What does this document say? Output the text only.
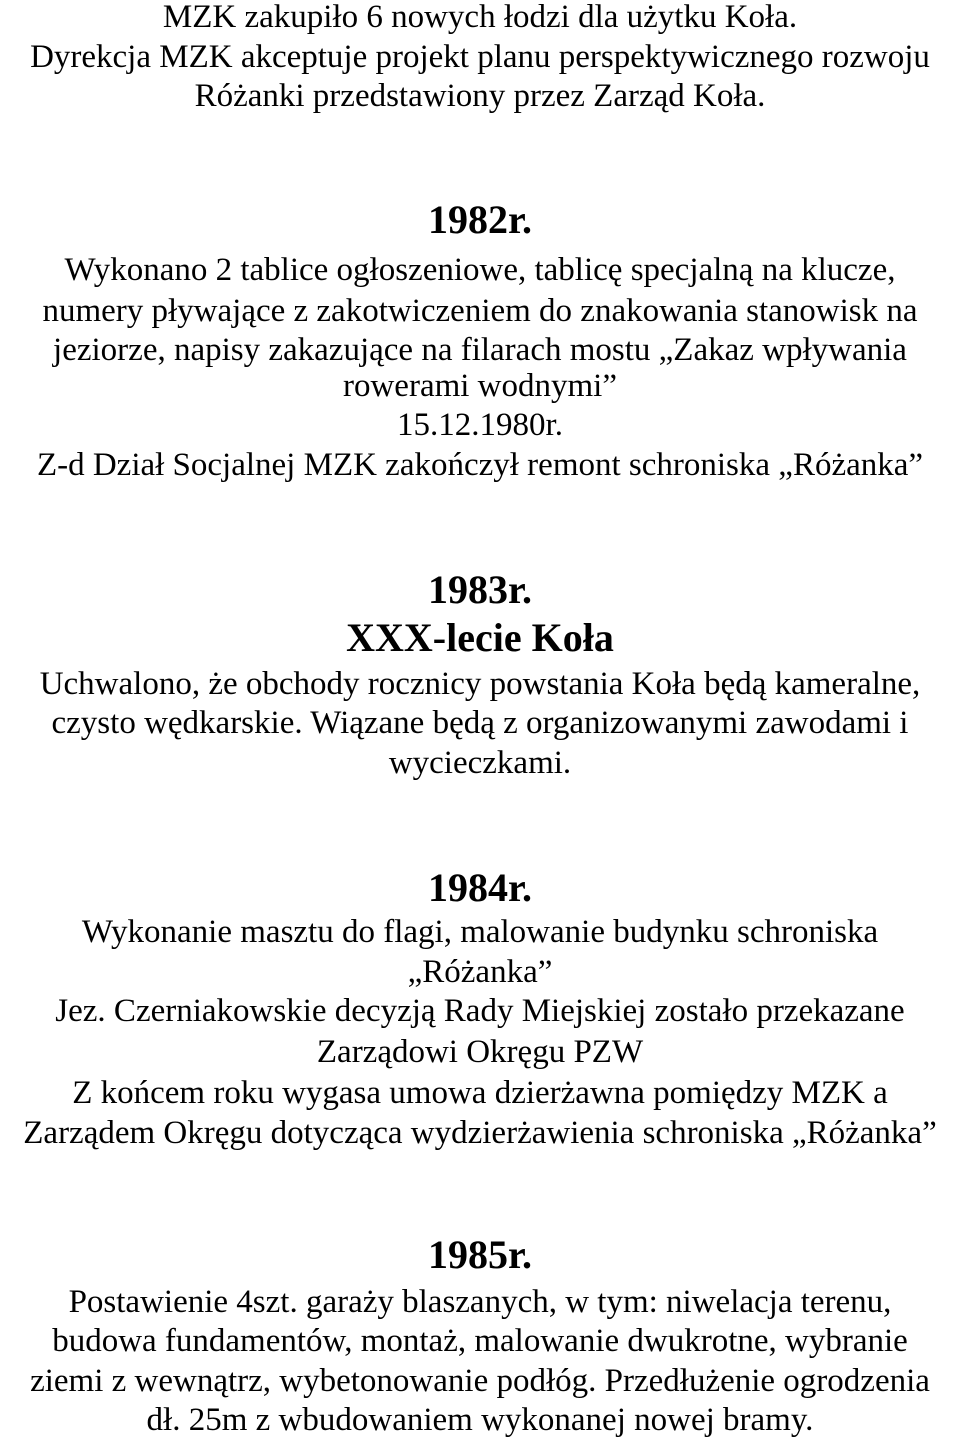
MZK zakupiło 6 nowych łodzi dla użytku Koła.
Dyrekcja MZK akceptuje projekt planu perspektywicznego rozwoju
Różanki przedstawiony przez Zarząd Koła.
1982r.
Wykonano 2 tablice ogłoszeniowe, tablicę specjalną na klucze,
numery pływające z zakotwiczeniem do znakowania stanowisk na
jeziorze, napisy zakazujące na filarach mostu „Zakaz wpływania
rowerami wodnymi”
15.12.1980r.
Z-d Dział Socjalnej MZK zakończył remont schroniska „Różanka”
1983r.
XXX-lecie Koła
Uchwalono, że obchody rocznicy powstania Koła będą kameralne,
czysto wędkarskie. Wiązane będą z organizowanymi zawodami i
wycieczkami.
1984r.
Wykonanie masztu do flagi, malowanie budynku schroniska
„Różanka”
Jez. Czerniakowskie decyzją Rady Miejskiej zostało przekazane
Zarządowi Okręgu PZW
Z końcem roku wygasa umowa dzierżawna pomiędzy MZK a
Zarządem Okręgu dotycząca wydzierżawienia schroniska „Różanka”
1985r.
Postawienie 4szt. garaży blaszanych, w tym: niwelacja terenu,
budowa fundamentów, montaż, malowanie dwukrotne, wybranie
ziemi z wewnątrz, wybetonowanie podłóg. Przedłużenie ogrodzenia
dł. 25m z wbudowaniem wykonanej nowej bramy.
